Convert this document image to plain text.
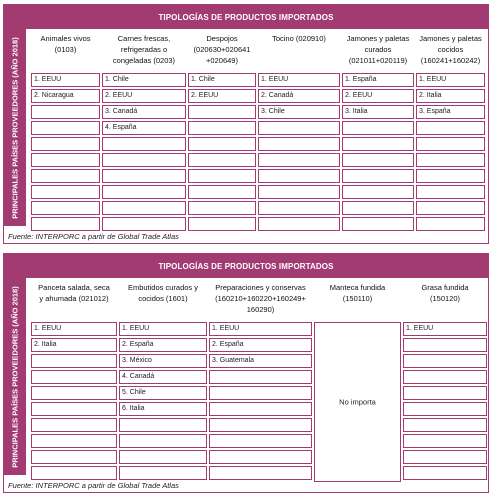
TIPOLOGÍAS DE PRODUCTOS IMPORTADOS
PRINCIPALES PAÍSES PROVEEDORES (AÑO 2018)	Animales vivos
(0103)
1. EEUU
2. Nicaragua
Carnes frescas,
refrigeradas o
congeladas (0203)
1. Chile
2. EEUU
3. Canadá
4. España
Despojos
(020630+020641
+020649)
1. Chile
2. EEUU
Tocino (020910)
1. EEUU
2. Canadá
3. Chile
Jamones y paletas
curados
(021011+020119)
1. España
2. EEUU
3. Italia
Jamones y paletas
cocidos
(160241+160242)
1. EEUU
2. Italia
3. España
Fuente: INTERPORC a partir de Global Trade Atlas
TIPOLOGÍAS DE PRODUCTOS IMPORTADOS
PRINCIPALES PAÍSES PROVEEDORES (AÑO 2018)	Panceta salada, seca
y ahumada (021012)
1. EEUU
2. Italia
Embutidos curados y
cocidos (1601)
1. EEUU
2. España
3. México
4. Canadá
5. Chile
6. Italia
Preparaciones y conservas
(160210+160220+160249+
160290)
1. EEUU
2. España
3. Guatemala
Manteca fundida
(150110)
No importa
Grasa fundida
(150120)
1. EEUU
Fuente: INTERPORC a partir de Global Trade Atlas
